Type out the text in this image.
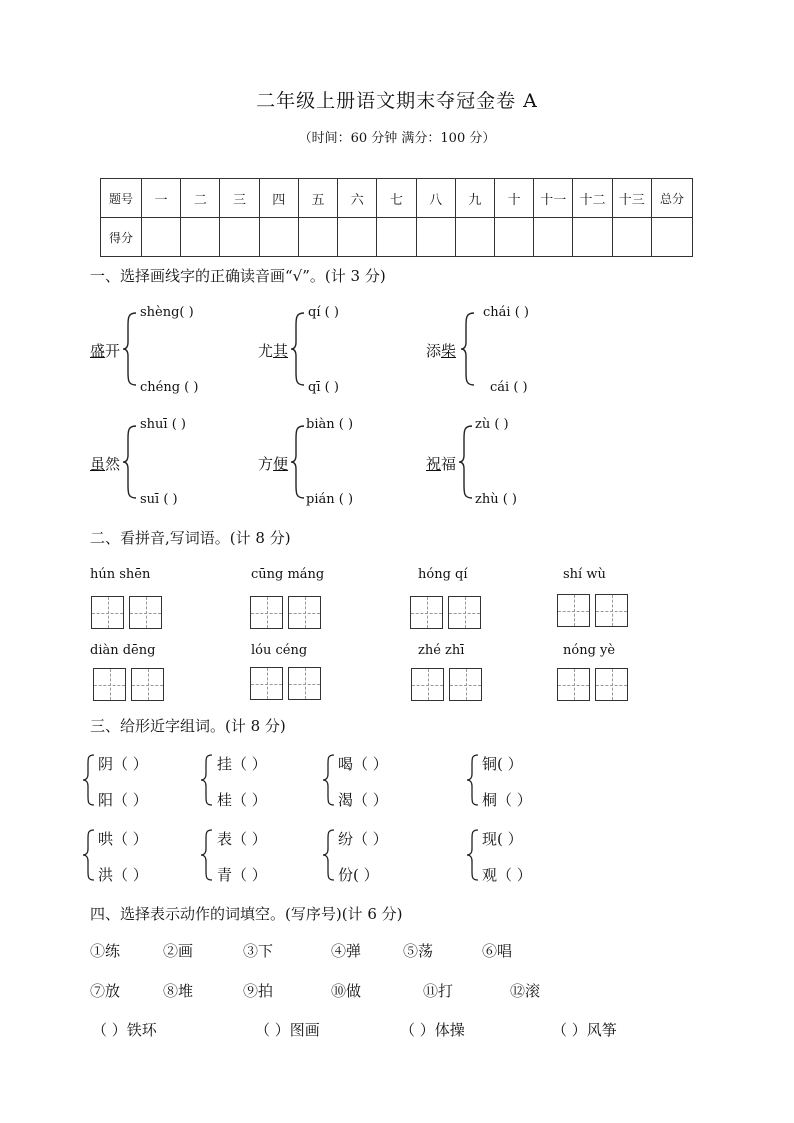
二年级上册语文期末夺冠金卷 A
（时间：60 分钟 满分：100 分）
题号	一	二	三	四	五	六	七	八	九	十	十一	十二	十三	总分
得分														
一、选择画线字的正确读音画“√”。(计 3 分)
盛开
shèng( )
chéng ( )
尤其
qí ( )
qī ( )
添柴
chái ( )
cái ( )
虽然
shuī ( )
suī ( )
方便
biàn ( )
pián ( )
祝福
zù ( )
zhù ( )
二、看拼音,写词语。(计 8 分)
hún shēn	cūng máng	hóng qí	shí wù
diàn dēng	lóu céng	zhé zhī	nóng yè
三、给形近字组词。(计 8 分)
阴（ ）
阳（ ）
挂（ ）
桂（ ）
喝（ ）
渴（ ）
铜( ）
桐（ ）
哄（ ）
洪（ ）
表（ ）
青（ ）
纷（ ）
份( ）
现( ）
观（ ）
四、选择表示动作的词填空。(写序号)(计 6 分)
①练	②画	③下	④弹	⑤荡	⑥唱
⑦放	⑧堆	⑨拍	⑩做	⑪打	⑫滚
（ ）铁环	（ ）图画	（ ）体操	（ ）风筝
